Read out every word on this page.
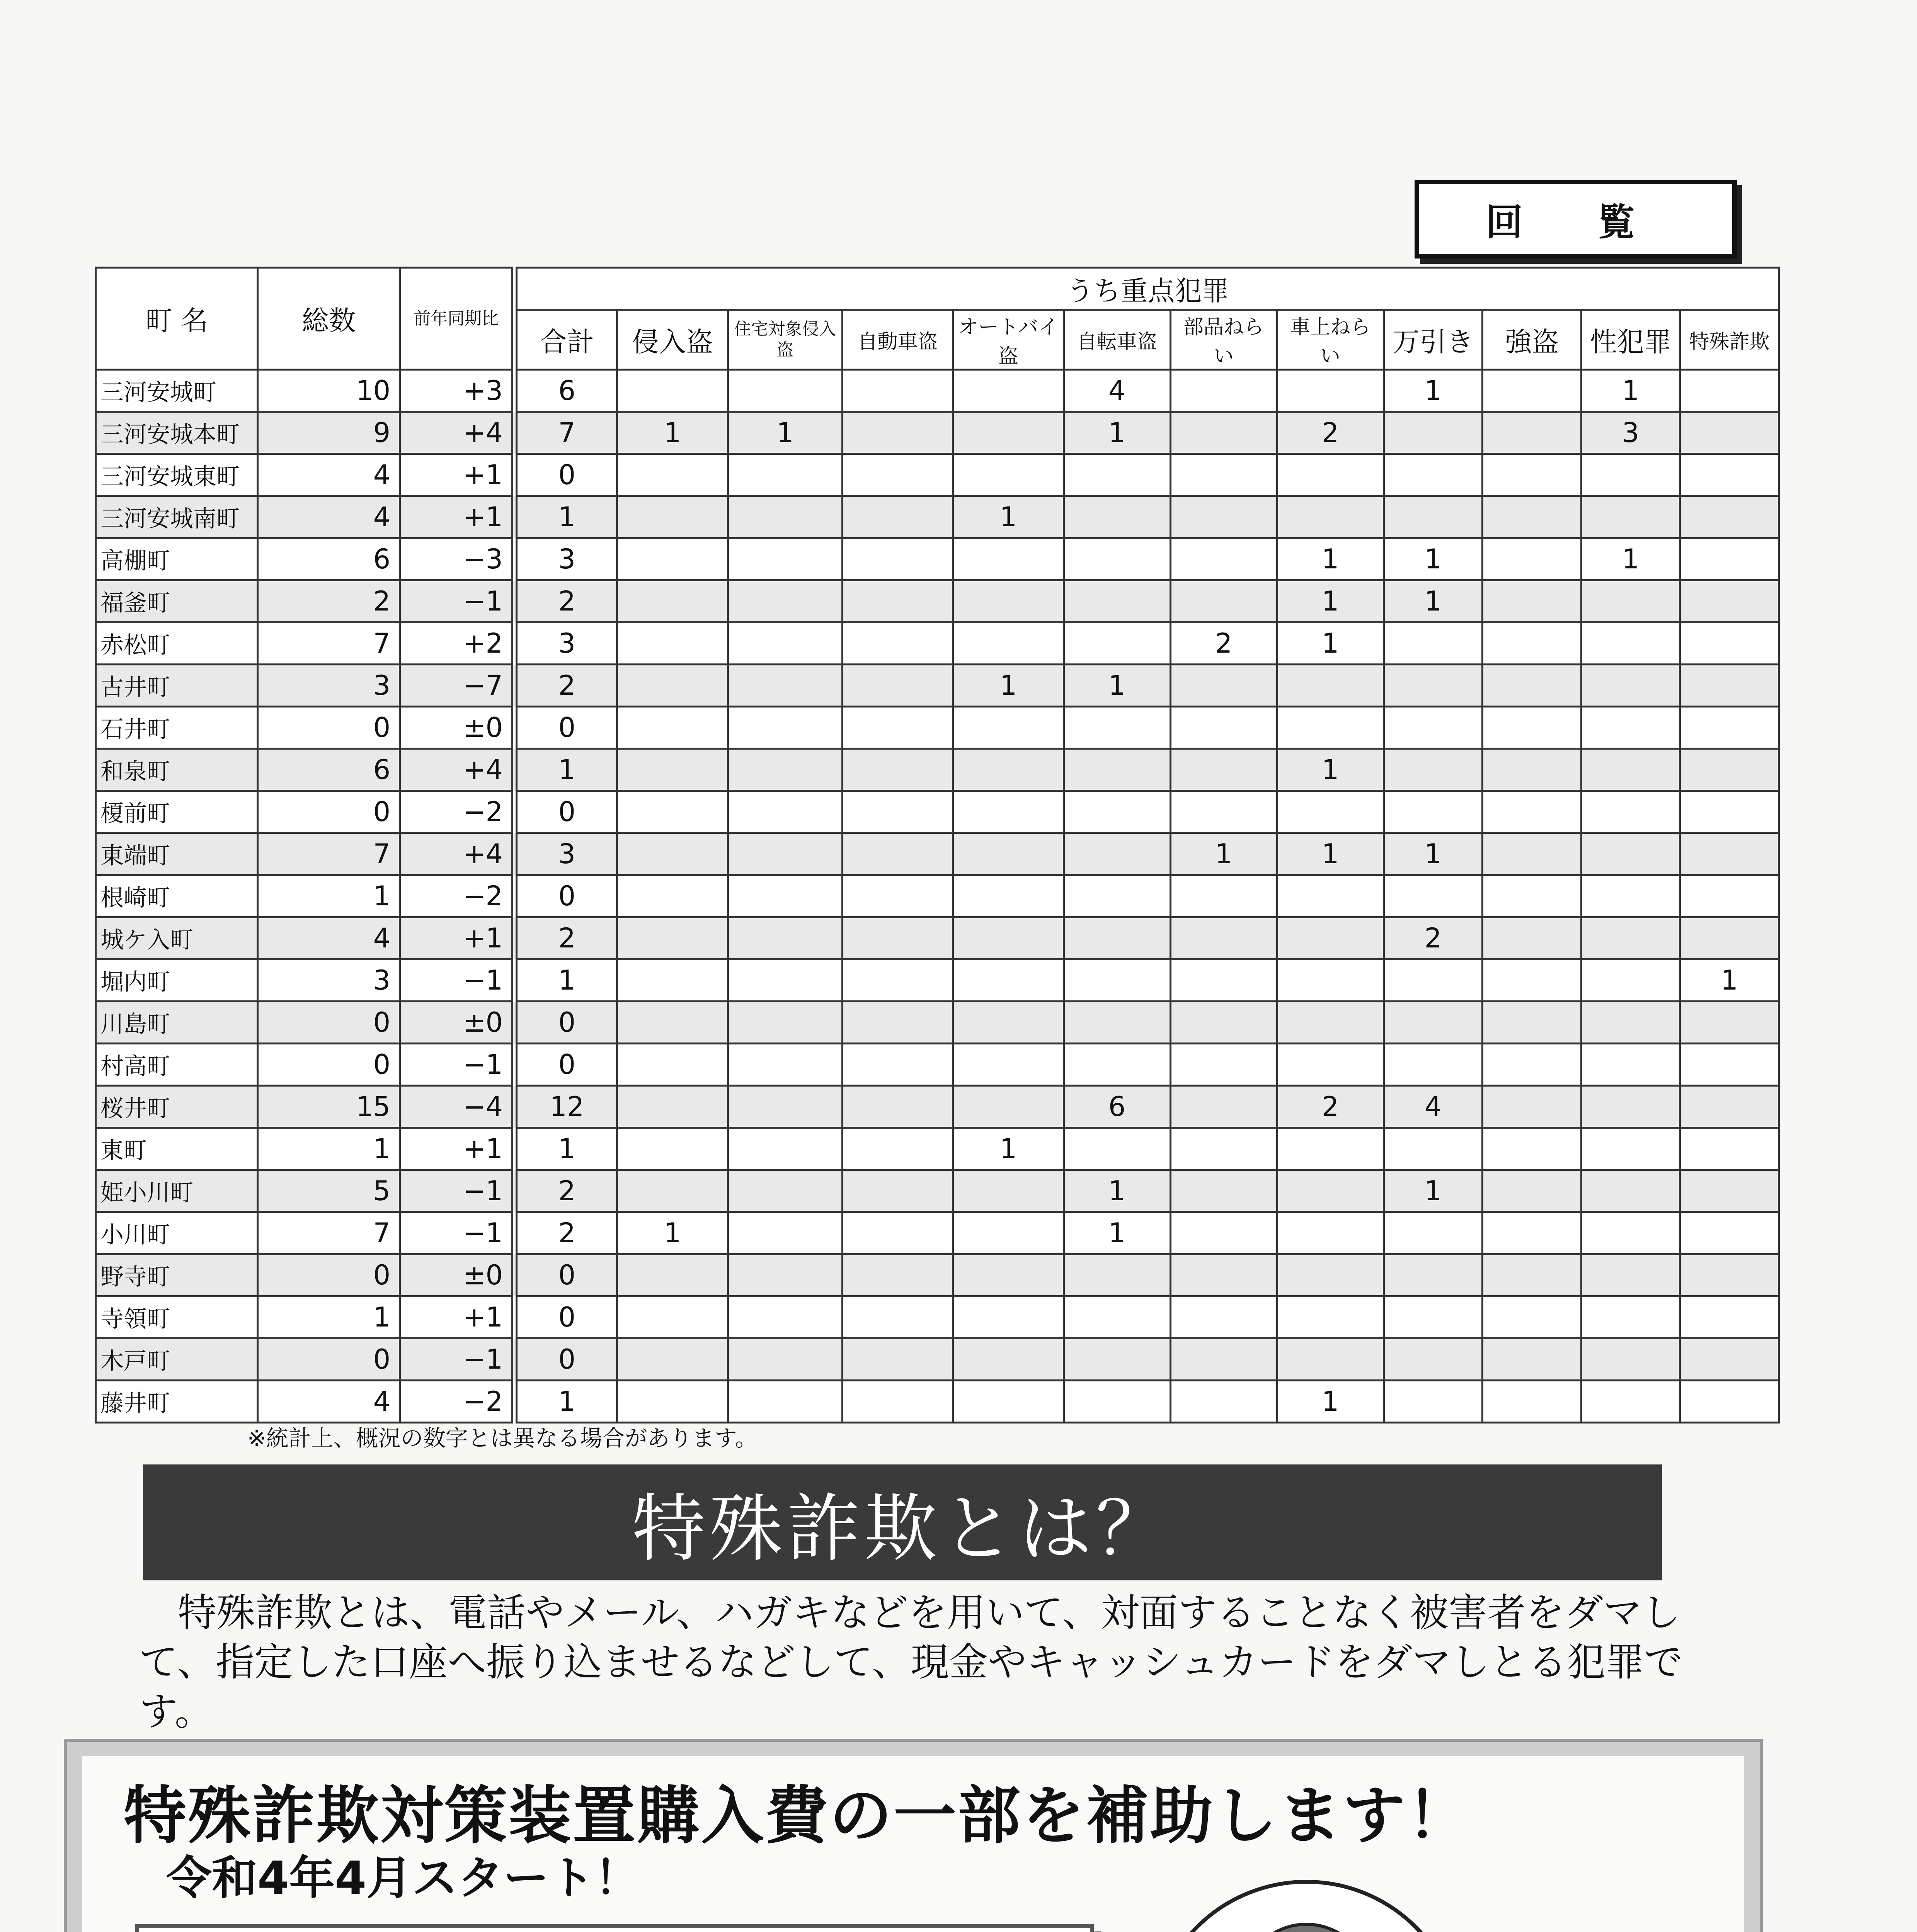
回 覧
町 名	総数	前年同期比	うち重点犯罪											
			合計	侵入盗	住宅対象侵入盗	自動車盗	オートバイ盗	自転車盗	部品ねらい	車上ねらい	万引き	強盗	性犯罪	特殊詐欺
三河安城町	10	+3	6					4			1		1	
三河安城本町	9	+4	7	1	1			1		2			3	
三河安城東町	4	+1	0											
三河安城南町	4	+1	1				1							
高棚町	6	−3	3							1	1		1	
福釜町	2	−1	2							1	1			
赤松町	7	+2	3						2	1				
古井町	3	−7	2				1	1						
石井町	0	±0	0											
和泉町	6	+4	1							1				
榎前町	0	−2	0											
東端町	7	+4	3						1	1	1			
根崎町	1	−2	0											
城ケ入町	4	+1	2								2			
堀内町	3	−1	1											1
川島町	0	±0	0											
村高町	0	−1	0											
桜井町	15	−4	12					6		2	4			
東町	1	+1	1				1							
姫小川町	5	−1	2					1			1			
小川町	7	−1	2	1				1						
野寺町	0	±0	0											
寺領町	1	+1	0											
木戸町	0	−1	0											
藤井町	4	−2	1							1				
※統計上、概況の数字とは異なる場合があります。
特殊詐欺とは？
特殊詐欺とは、電話やメール、ハガキなどを用いて、対面することなく被害者をダマして、指定した口座へ振り込ませるなどして、現金やキャッシュカードをダマしとる犯罪です。
特殊詐欺対策装置購入費の一部を補助します！
令和4年4月スタート！
